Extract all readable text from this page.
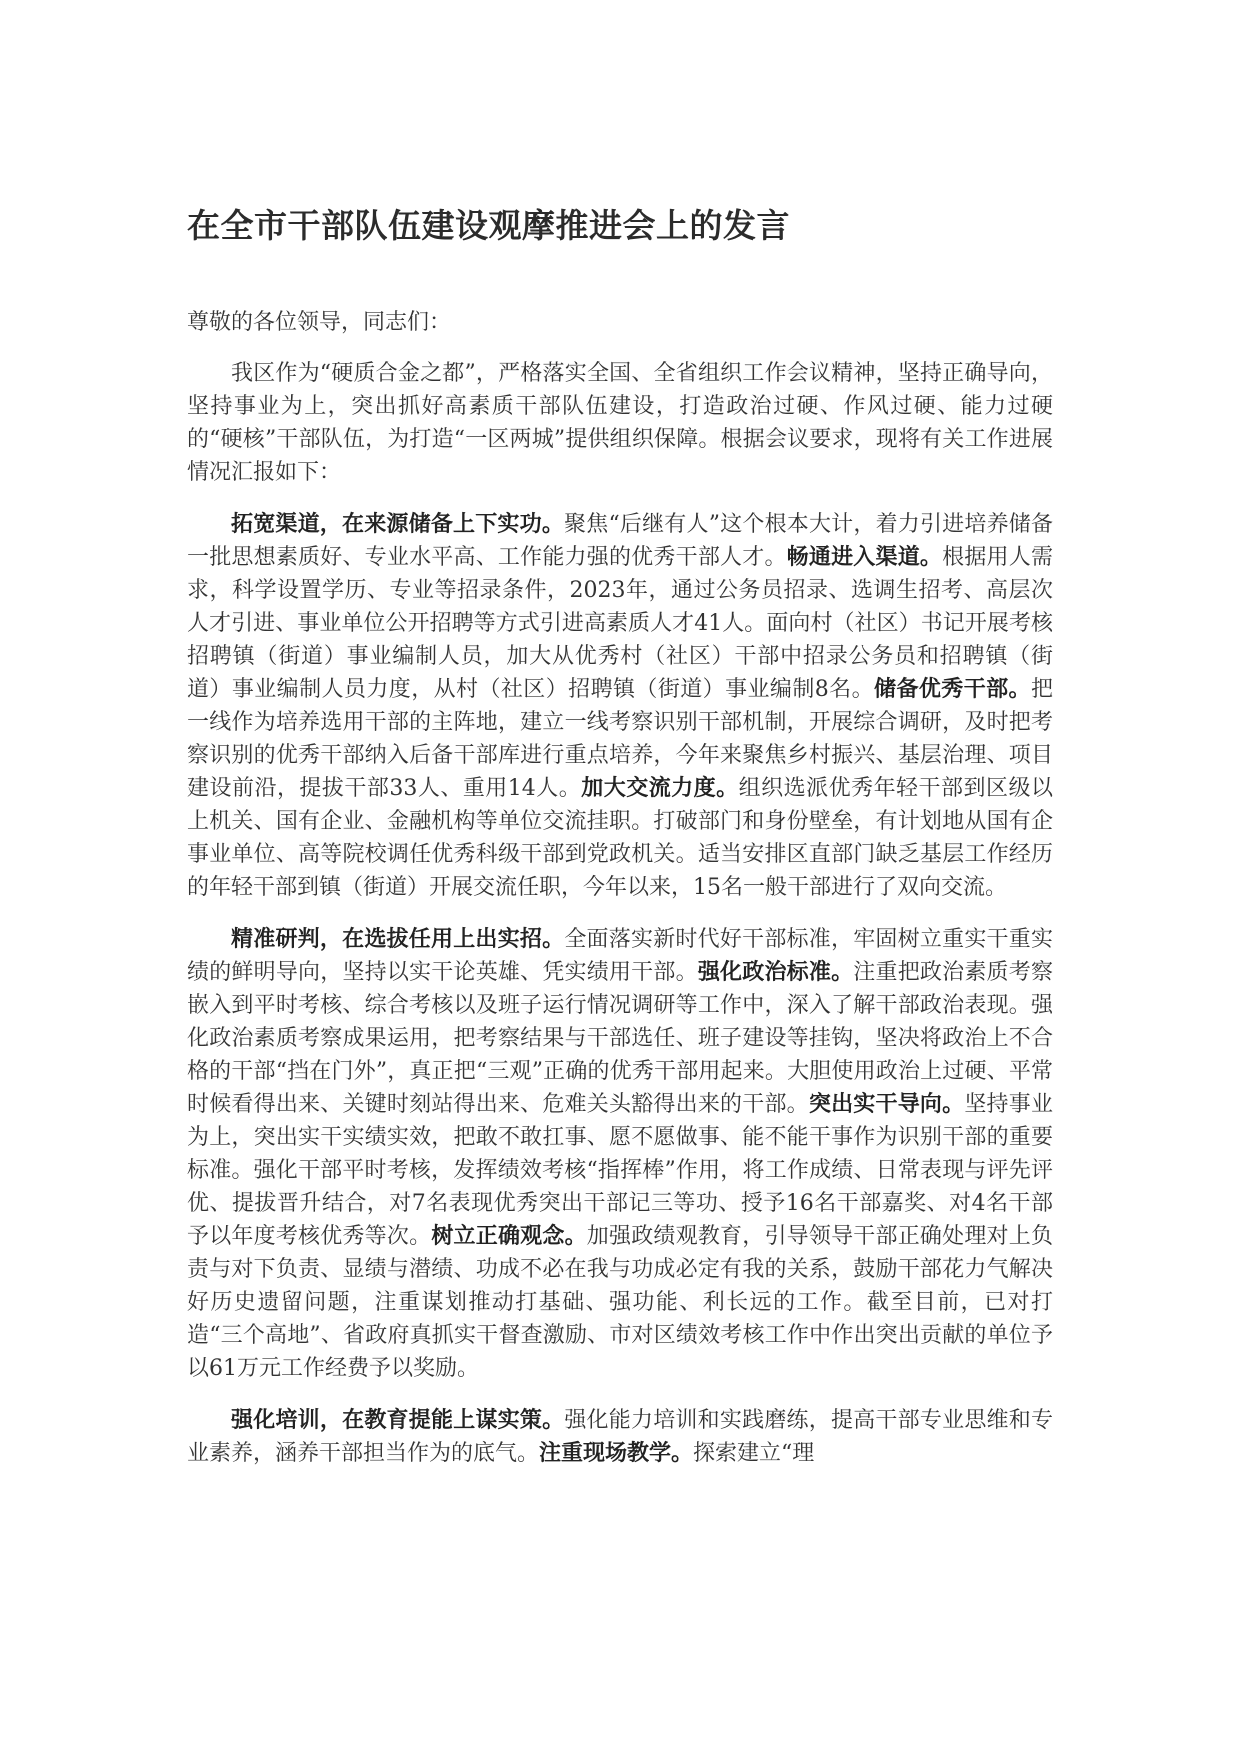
在全市干部队伍建设观摩推进会上的发言

尊敬的各位领导，同志们：

我区作为“硬质合金之都”，严格落实全国、全省组织工作会议精神，坚持正确导向，坚持事业为上，突出抓好高素质干部队伍建设，打造政治过硬、作风过硬、能力过硬的“硬核”干部队伍，为打造“一区两城”提供组织保障。根据会议要求，现将有关工作进展情况汇报如下：

拓宽渠道，在来源储备上下实功。聚焦“后继有人”这个根本大计，着力引进培养储备一批思想素质好、专业水平高、工作能力强的优秀干部人才。畅通进入渠道。根据用人需求，科学设置学历、专业等招录条件，2023年，通过公务员招录、选调生招考、高层次人才引进、事业单位公开招聘等方式引进高素质人才41人。面向村（社区）书记开展考核招聘镇（街道）事业编制人员，加大从优秀村（社区）干部中招录公务员和招聘镇（街道）事业编制人员力度，从村（社区）招聘镇（街道）事业编制8名。储备优秀干部。把一线作为培养选用干部的主阵地，建立一线考察识别干部机制，开展综合调研，及时把考察识别的优秀干部纳入后备干部库进行重点培养，今年来聚焦乡村振兴、基层治理、项目建设前沿，提拔干部33人、重用14人。加大交流力度。组织选派优秀年轻干部到区级以上机关、国有企业、金融机构等单位交流挂职。打破部门和身份壁垒，有计划地从国有企事业单位、高等院校调任优秀科级干部到党政机关。适当安排区直部门缺乏基层工作经历的年轻干部到镇（街道）开展交流任职，今年以来，15名一般干部进行了双向交流。

精准研判，在选拔任用上出实招。全面落实新时代好干部标准，牢固树立重实干重实绩的鲜明导向，坚持以实干论英雄、凭实绩用干部。强化政治标准。注重把政治素质考察嵌入到平时考核、综合考核以及班子运行情况调研等工作中，深入了解干部政治表现。强化政治素质考察成果运用，把考察结果与干部选任、班子建设等挂钩，坚决将政治上不合格的干部“挡在门外”，真正把“三观”正确的优秀干部用起来。大胆使用政治上过硬、平常时候看得出来、关键时刻站得出来、危难关头豁得出来的干部。突出实干导向。坚持事业为上，突出实干实绩实效，把敢不敢扛事、愿不愿做事、能不能干事作为识别干部的重要标准。强化干部平时考核，发挥绩效考核“指挥棒”作用，将工作成绩、日常表现与评先评优、提拔晋升结合，对7名表现优秀突出干部记三等功、授予16名干部嘉奖、对4名干部予以年度考核优秀等次。树立正确观念。加强政绩观教育，引导领导干部正确处理对上负责与对下负责、显绩与潜绩、功成不必在我与功成必定有我的关系，鼓励干部花力气解决好历史遗留问题，注重谋划推动打基础、强功能、利长远的工作。截至目前，已对打造“三个高地”、省政府真抓实干督查激励、市对区绩效考核工作中作出突出贡献的单位予以61万元工作经费予以奖励。

强化培训，在教育提能上谋实策。强化能力培训和实践磨练，提高干部专业思维和专业素养，涵养干部担当作为的底气。注重现场教学。探索建立“理
